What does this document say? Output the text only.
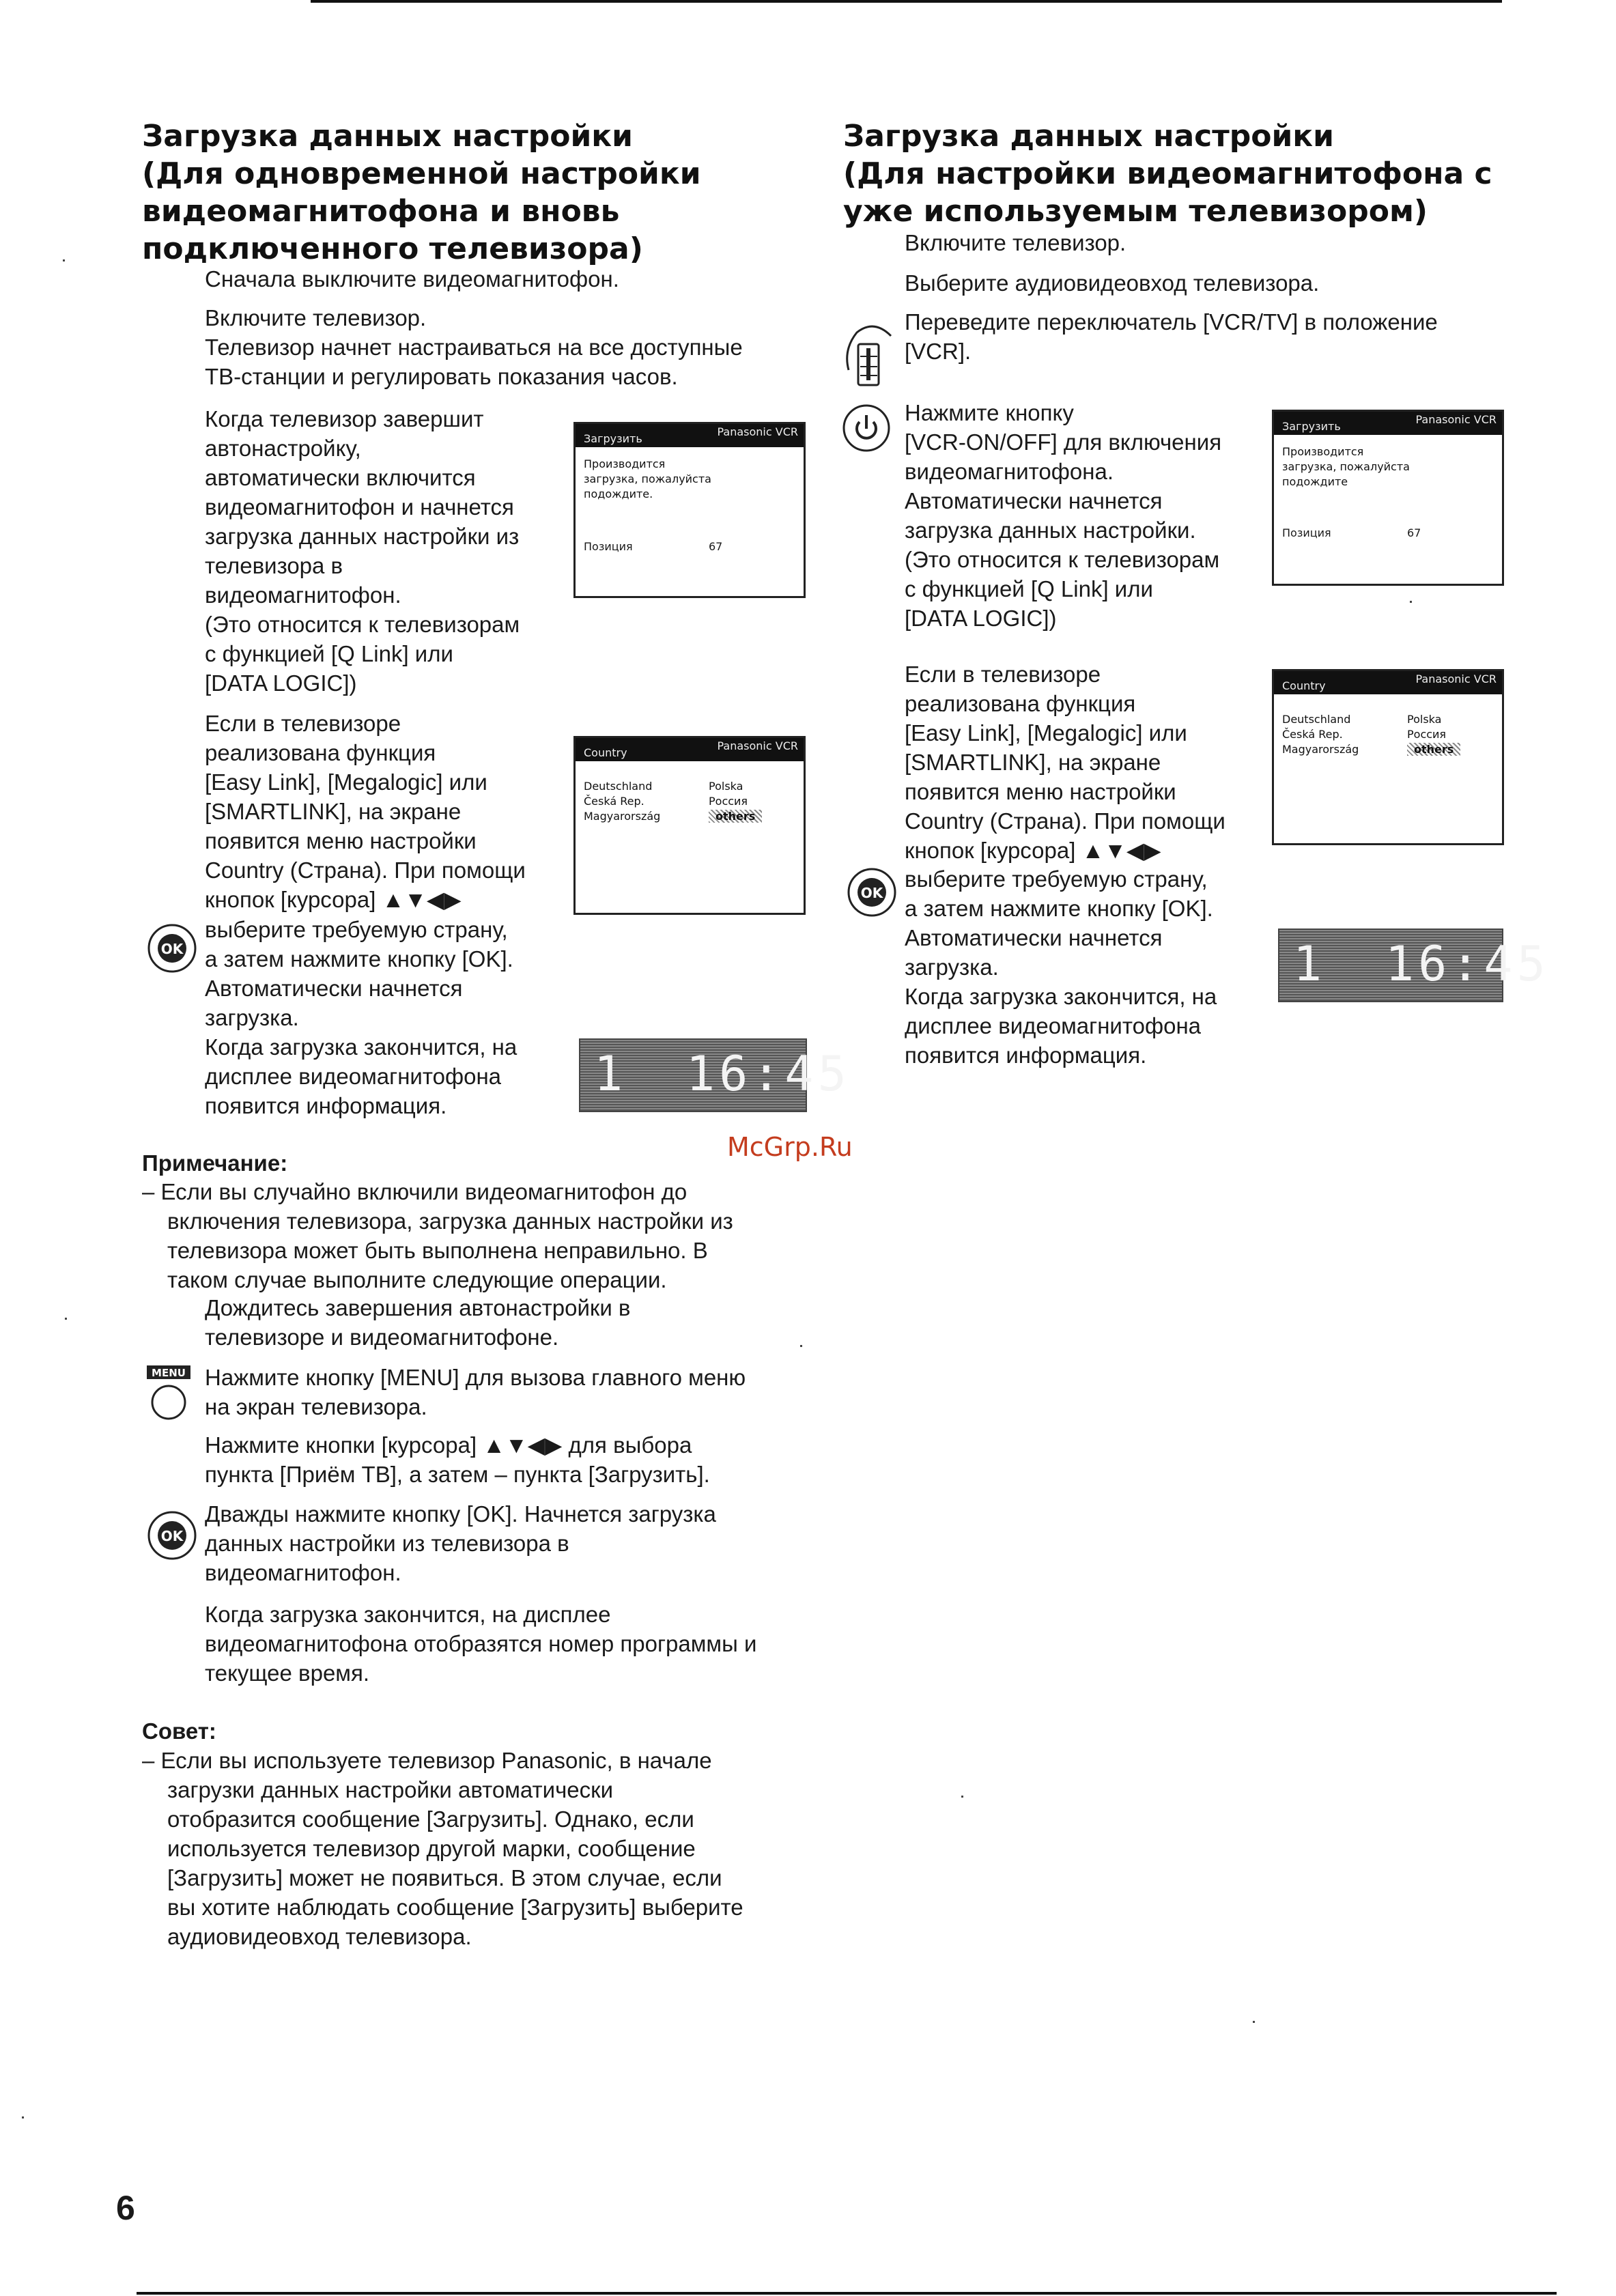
Загрузка данных настройки
(Для одновременной настройки
видеомагнитофона и вновь
подключенного телевизора)

Сначала выключите видеомагнитофон.

Включите телевизор.
Телевизор начнет настраиваться на все доступные
ТВ-станции и регулировать показания часов.

Когда телевизор завершит
автонастройку,
автоматически включится
видеомагнитофон и начнется
загрузка данных настройки из
телевизора в
видеомагнитофон.
(Это относится к телевизорам
с функцией [Q Link] или
[DATA LOGIC])

Загрузить
Panasonic VCR
Производится
загрузка, пожалуйста
подождите.
Позиция	67

Если в телевизоре
реализована функция
[Easy Link], [Megalogic] или
[SMARTLINK], на экране
появится меню настройки
Country (Страна). При помощи
кнопок [курсора] ▲▼◀▶

Country
Panasonic VCR
Deutschland
Česká Rep.
Magyarország
Polska
Россия
others
OK

выберите требуемую страну,
а затем нажмите кнопку [OK].
Автоматически начнется
загрузка.
Когда загрузка закончится, на
дисплее видеомагнитофона
появится информация.

1 16:45
Загрузка данных настройки
(Для настройки видеомагнитофона с
уже используемым телевизором)

Включите телевизор.

Выберите аудиовидеовход телевизора.

Переведите переключатель [VCR/TV] в положение
[VCR].

Нажмите кнопку
[VCR-ON/OFF] для включения
видеомагнитофона.
Автоматически начнется
загрузка данных настройки.
(Это относится к телевизорам
с функцией [Q Link] или
[DATA LOGIC])

Загрузить
Panasonic VCR
Производится
загрузка, пожалуйста
подождите
Позиция	67

Если в телевизоре
реализована функция
[Easy Link], [Megalogic] или
[SMARTLINK], на экране
появится меню настройки
Country (Страна). При помощи
кнопок [курсора] ▲▼◀▶

Country
Panasonic VCR
Deutschland
Česká Rep.
Magyarország
Polska
Россия
others
OK

выберите требуемую страну,
а затем нажмите кнопку [OK].
Автоматически начнется
загрузка.
Когда загрузка закончится, на
дисплее видеомагнитофона
появится информация.

1 16:45
McGrp.Ru
Примечание:

– Если вы случайно включили видеомагнитофон до
включения телевизора, загрузка данных настройки из
телевизора может быть выполнена неправильно. В
таком случае выполните следующие операции.

Дождитесь завершения автонастройки в
телевизоре и видеомагнитофоне.

MENU Нажмите кнопку [MENU] для вызова главного меню
на экран телевизора.

Нажмите кнопки [курсора] ▲▼◀▶ для выбора
пункта [Приём ТВ], а затем – пункта [Загрузить].

OK

Дважды нажмите кнопку [OK]. Начнется загрузка
данных настройки из телевизора в
видеомагнитофон.

Когда загрузка закончится, на дисплее
видеомагнитофона отобразятся номер программы и
текущее время.

Совет:

– Если вы используете телевизор Panasonic, в начале
загрузки данных настройки автоматически
отобразится сообщение [Загрузить]. Однако, если
используется телевизор другой марки, сообщение
[Загрузить] может не появиться. В этом случае, если
вы хотите наблюдать сообщение [Загрузить] выберите
аудиовидеовход телевизора.

6
